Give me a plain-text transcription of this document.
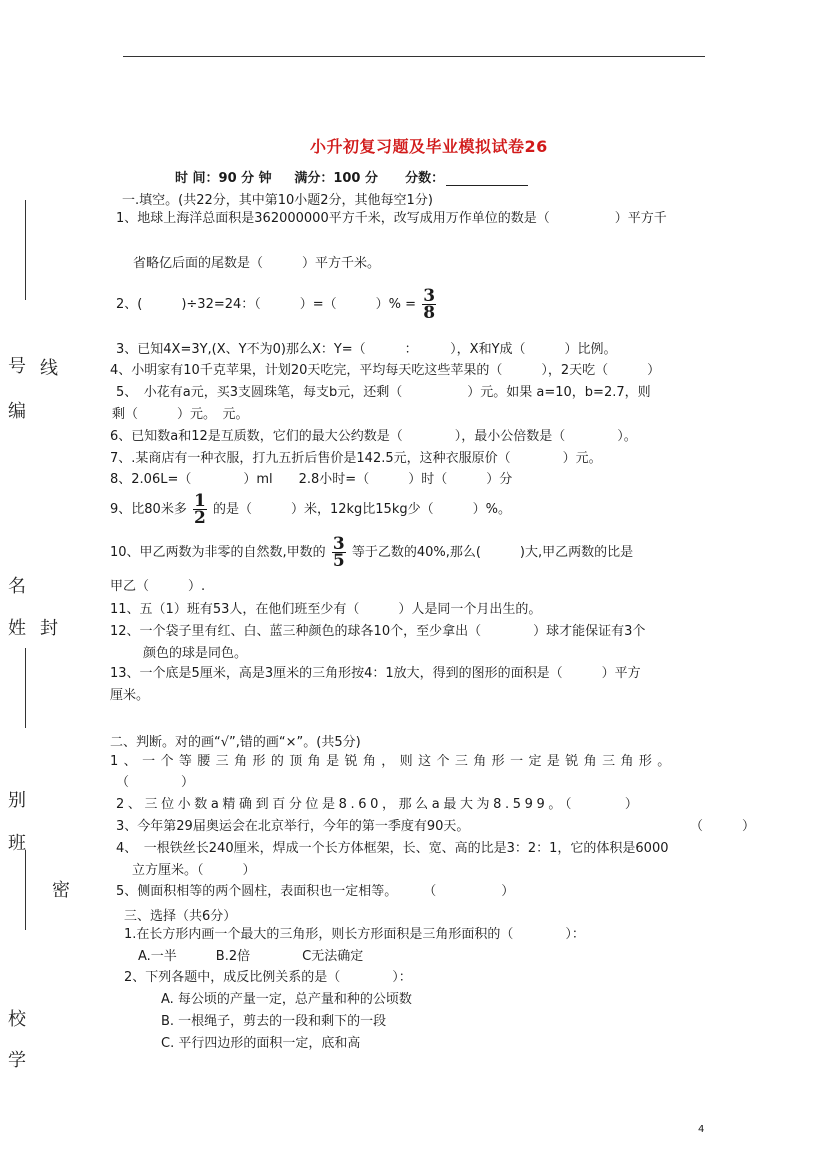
小升初复习题及毕业模拟试卷26
时 间：90 分 钟 满分：100 分 分数：
一.填空。(共22分，其中第10小题2分，其他每空1分)
1、地球上海洋总面积是362000000平方千米，改写成用万作单位的数是（　　　　　）平方千
省略亿后面的尾数是（　　　）平方千米。
2、(　　　)÷32=24：（　　　）=（　　　）% = $\frac{3}{8}$
3、已知4X=3Y,(X、Y不为0)那么X：Y=（　　　：　　　），X和Y成（　　　）比例。
4、小明家有10千克苹果，计划20天吃完，平均每天吃这些苹果的（　　　），2天吃（　　　）
5、　小花有a元，买3支圆珠笔，每支b元，还剩（　　　　　）元。如果 a=10，b=2.7，则
剩（　　　）元。　元。
6、已知数a和12是互质数，它们的最大公约数是（　　　　），最小公倍数是（　　　　）。
7、.某商店有一种衣服，打九五折后售价是142.5元，这种衣服原价（　　　　）元。
8、2.06L=（　　　　）ml　　2.8小时=（　　　）时（　　　）分
9、比80米多 $\frac{1}{2}$ 的是（　　　）米，12kg比15kg少（　　　）%。
10、甲乙两数为非零的自然数,甲数的 $\frac{3}{5}$ 等于乙数的40%,那么(　　　)大,甲乙两数的比是
甲乙（　　　）.
11、五（1）班有53人，在他们班至少有（　　　）人是同一个月出生的。
12、一个袋子里有红、白、蓝三种颜色的球各10个，至少拿出（　　　　）球才能保证有3个
颜色的球是同色。
13、一个底是5厘米，高是3厘米的三角形按4：1放大，得到的图形的面积是（　　　）平方
厘米。
二、判断。对的画“√”,错的画“×”。(共5分)
1、一个等腰三角形的顶角是锐角，则这个三角形一定是锐角三角形。
（　　　　）
2、三位小数a精确到百分位是8.60，那么a最大为8.599。（　　　）
3、今年第29届奥运会在北京举行，今年的第一季度有90天。	（　　　）
4、　一根铁丝长240厘米，焊成一个长方体框架，长、宽、高的比是3：2：1，它的体积是6000
立方厘米。（　　　）
5、侧面积相等的两个圆柱，表面积也一定相等。　　　（　　　　　）
三、选择（共6分）
1.在长方形内画一个最大的三角形，则长方形面积是三角形面积的（　　　　）：
A.一半　　　B.2倍　　　　C无法确定
2、下列各题中，成反比例关系的是（　　　　）：
A. 每公顷的产量一定，总产量和种的公顷数
B. 一根绳子，剪去的一段和剩下的一段
C. 平行四边形的面积一定，底和高
号 线
编
名
姓 封
别
班
密
校
学
4
